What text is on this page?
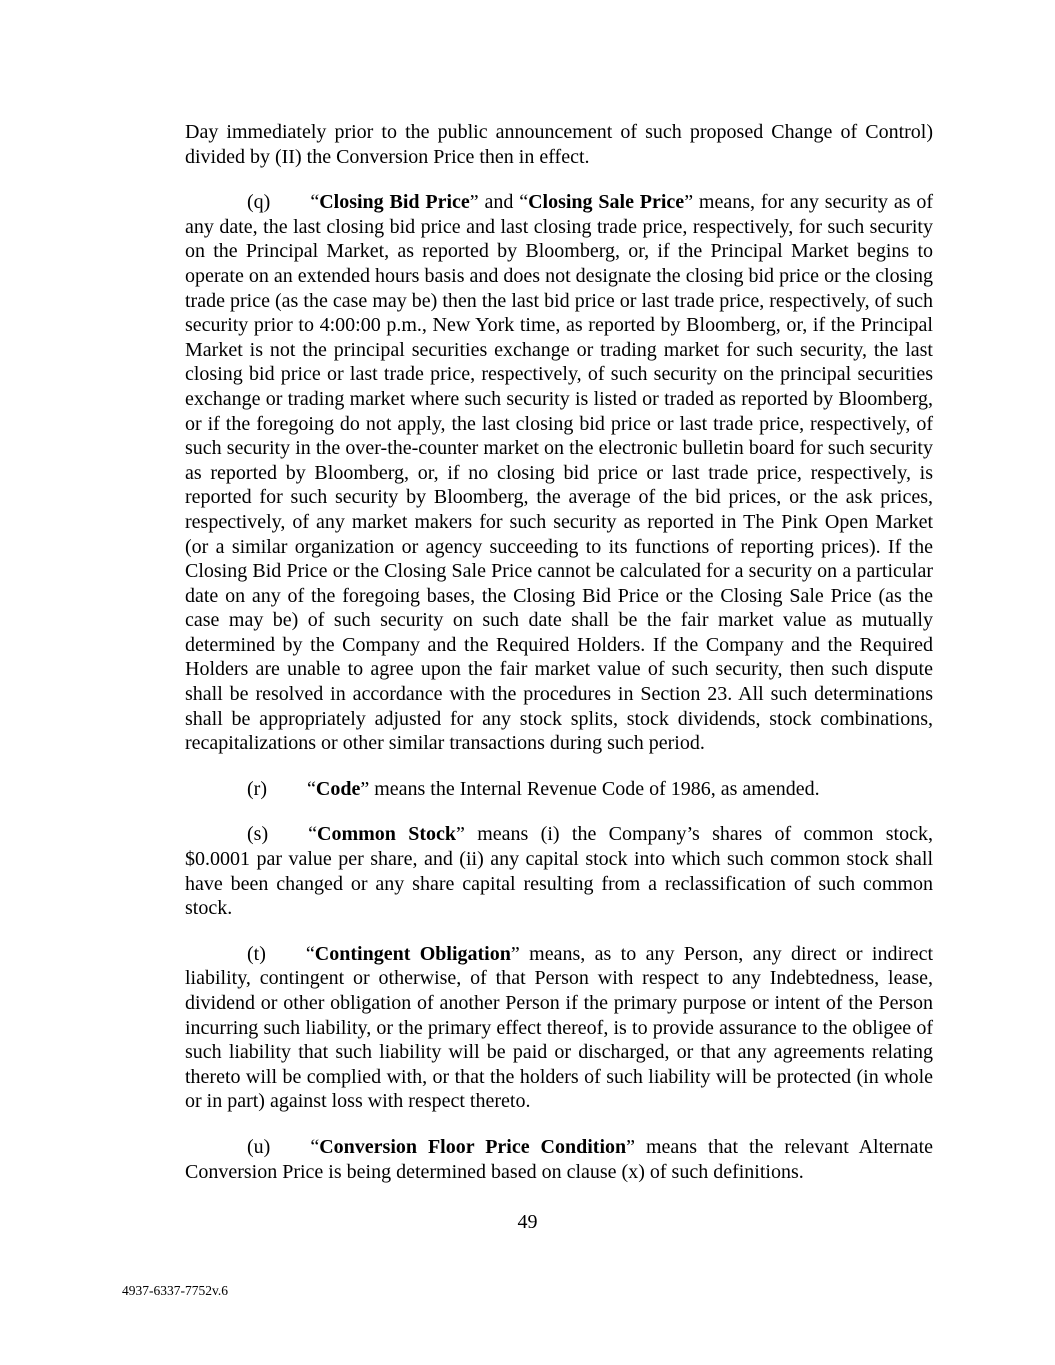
Day immediately prior to the public announcement of such proposed Change of Control) divided by (II) the Conversion Price then in effect.

(q) “Closing Bid Price” and “Closing Sale Price” means, for any security as of any date, the last closing bid price and last closing trade price, respectively, for such security on the Principal Market, as reported by Bloomberg, or, if the Principal Market begins to operate on an extended hours basis and does not designate the closing bid price or the closing trade price (as the case may be) then the last bid price or last trade price, respectively, of such security prior to 4:00:00 p.m., New York time, as reported by Bloomberg, or, if the Principal Market is not the principal securities exchange or trading market for such security, the last closing bid price or last trade price, respectively, of such security on the principal securities exchange or trading market where such security is listed or traded as reported by Bloomberg, or if the foregoing do not apply, the last closing bid price or last trade price, respectively, of such security in the over-the-counter market on the electronic bulletin board for such security as reported by Bloomberg, or, if no closing bid price or last trade price, respectively, is reported for such security by Bloomberg, the average of the bid prices, or the ask prices, respectively, of any market makers for such security as reported in The Pink Open Market (or a similar organization or agency succeeding to its functions of reporting prices). If the Closing Bid Price or the Closing Sale Price cannot be calculated for a security on a particular date on any of the foregoing bases, the Closing Bid Price or the Closing Sale Price (as the case may be) of such security on such date shall be the fair market value as mutually determined by the Company and the Required Holders. If the Company and the Required Holders are unable to agree upon the fair market value of such security, then such dispute shall be resolved in accordance with the procedures in Section 23. All such determinations shall be appropriately adjusted for any stock splits, stock dividends, stock combinations, recapitalizations or other similar transactions during such period.

(r) “Code” means the Internal Revenue Code of 1986, as amended.

(s) “Common Stock” means (i) the Company’s shares of common stock, $0.0001 par value per share, and (ii) any capital stock into which such common stock shall have been changed or any share capital resulting from a reclassification of such common stock.

(t) “Contingent Obligation” means, as to any Person, any direct or indirect liability, contingent or otherwise, of that Person with respect to any Indebtedness, lease, dividend or other obligation of another Person if the primary purpose or intent of the Person incurring such liability, or the primary effect thereof, is to provide assurance to the obligee of such liability that such liability will be paid or discharged, or that any agreements relating thereto will be complied with, or that the holders of such liability will be protected (in whole or in part) against loss with respect thereto.

(u) “Conversion Floor Price Condition” means that the relevant Alternate Conversion Price is being determined based on clause (x) of such definitions.

49
4937-6337-7752v.6
